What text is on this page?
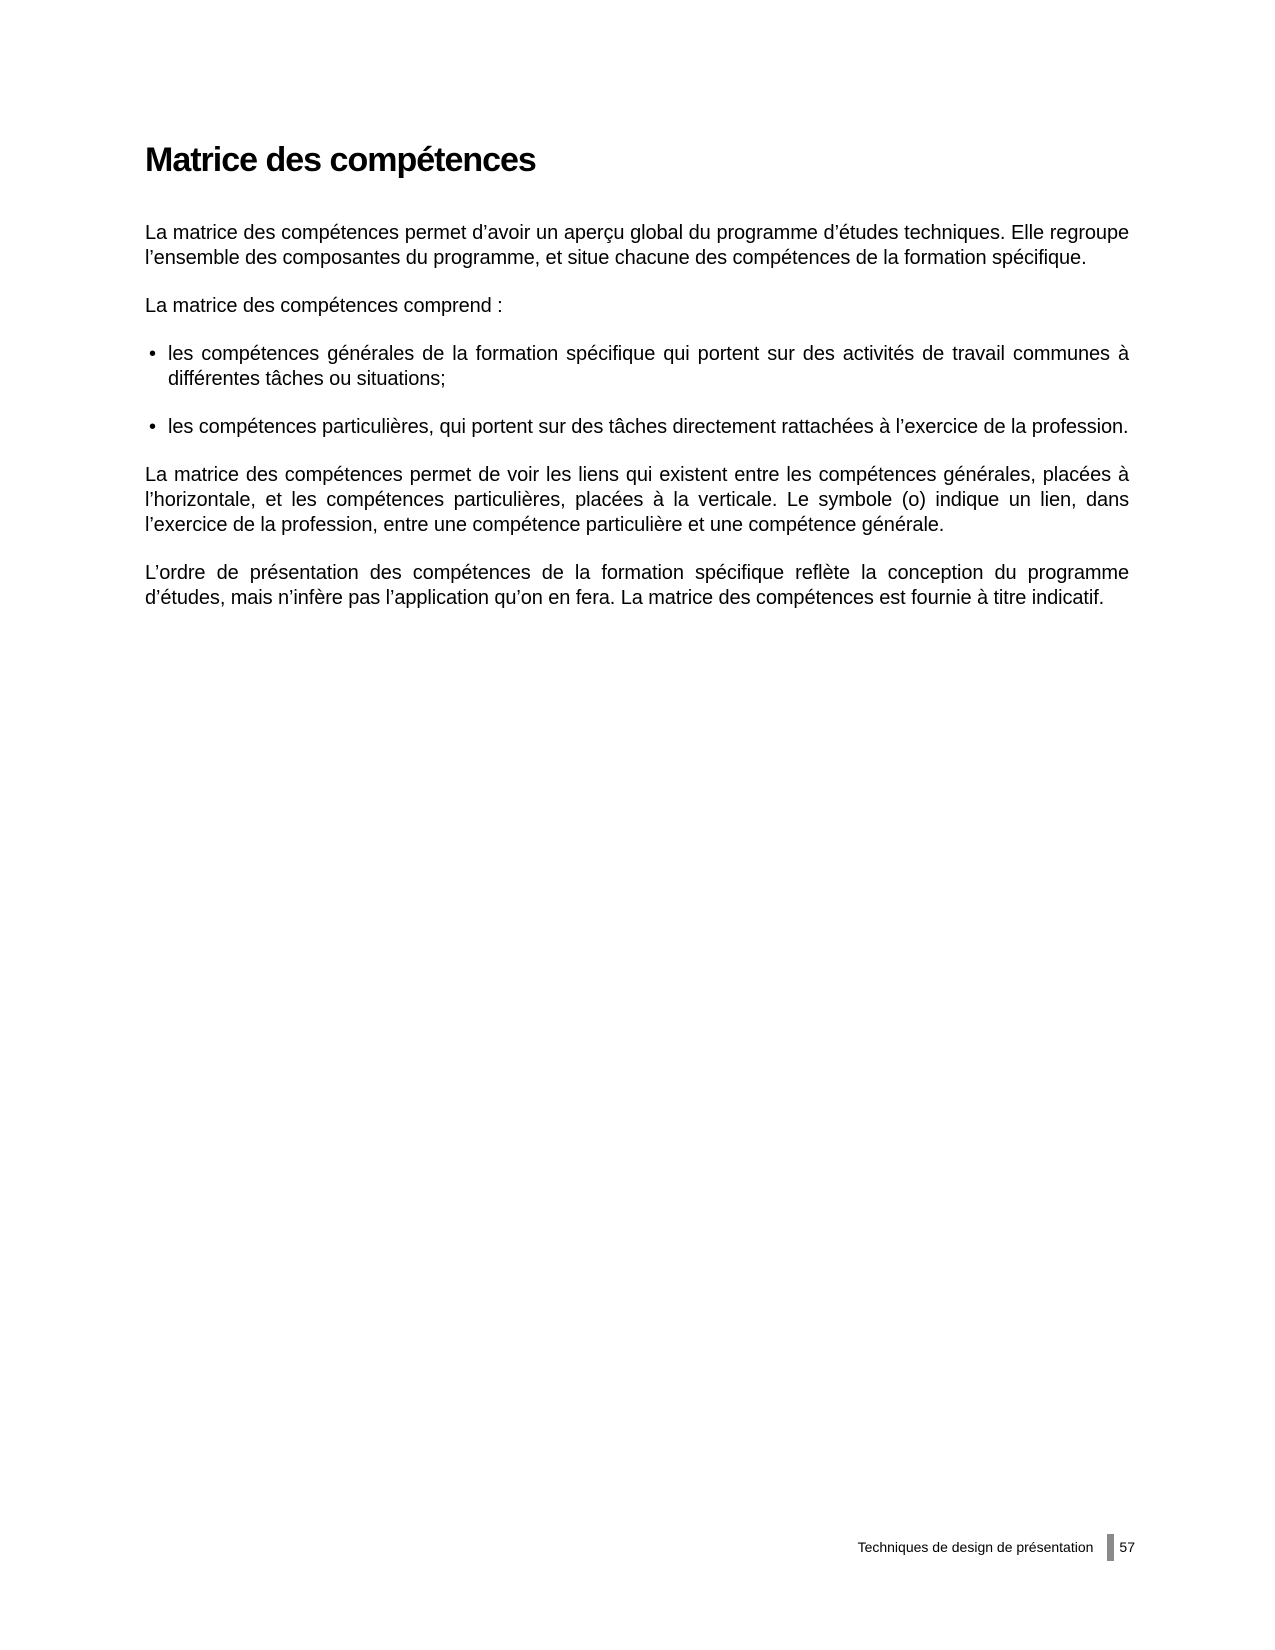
Matrice des compétences

La matrice des compétences permet d’avoir un aperçu global du programme d’études techniques. Elle regroupe l’ensemble des composantes du programme, et situe chacune des compétences de la formation spécifique.

La matrice des compétences comprend :

• les compétences générales de la formation spécifique qui portent sur des activités de travail communes à différentes tâches ou situations;
• les compétences particulières, qui portent sur des tâches directement rattachées à l’exercice de la profession.

La matrice des compétences permet de voir les liens qui existent entre les compétences générales, placées à l’horizontale, et les compétences particulières, placées à la verticale. Le symbole (o) indique un lien, dans l’exercice de la profession, entre une compétence particulière et une compétence générale.

L’ordre de présentation des compétences de la formation spécifique reflète la conception du programme d’études, mais n’infère pas l’application qu’on en fera. La matrice des compétences est fournie à titre indicatif.

Techniques de design de présentation 57
